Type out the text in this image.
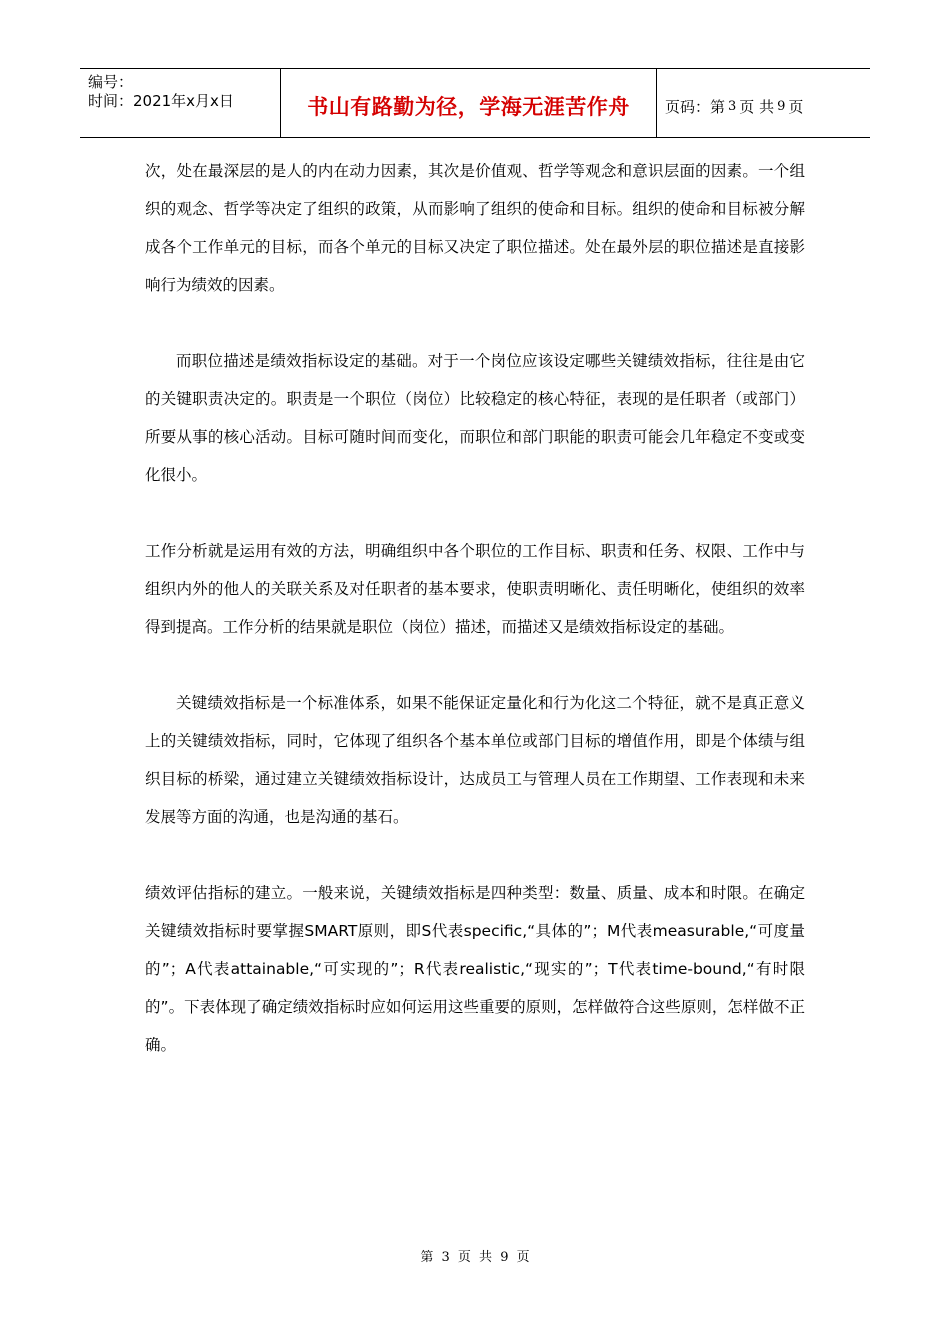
编号：
时间：2021年x月x日	书山有路勤为径，学海无涯苦作舟 页码：第 3 页 共 9 页

次，处在最深层的是人的内在动力因素，其次是价值观、哲学等观念和意识层面的因素。一个组织的观念、哲学等决定了组织的政策，从而影响了组织的使命和目标。组织的使命和目标被分解成各个工作单元的目标，而各个单元的目标又决定了职位描述。处在最外层的职位描述是直接影响行为绩效的因素。

而职位描述是绩效指标设定的基础。对于一个岗位应该设定哪些关键绩效指标，往往是由它的关键职责决定的。职责是一个职位（岗位）比较稳定的核心特征，表现的是任职者（或部门）所要从事的核心活动。目标可随时间而变化，而职位和部门职能的职责可能会几年稳定不变或变化很小。

工作分析就是运用有效的方法，明确组织中各个职位的工作目标、职责和任务、权限、工作中与组织内外的他人的关联关系及对任职者的基本要求，使职责明晰化、责任明晰化，使组织的效率得到提高。工作分析的结果就是职位（岗位）描述，而描述又是绩效指标设定的基础。

关键绩效指标是一个标准体系，如果不能保证定量化和行为化这二个特征，就不是真正意义上的关键绩效指标，同时，它体现了组织各个基本单位或部门目标的增值作用，即是个体绩与组织目标的桥梁，通过建立关键绩效指标设计，达成员工与管理人员在工作期望、工作表现和未来发展等方面的沟通，也是沟通的基石。

绩效评估指标的建立。一般来说，关键绩效指标是四种类型：数量、质量、成本和时限。在确定关键绩效指标时要掌握SMART原则，即S代表specific,“具体的”；M代表measurable,“可度量的”；A代表attainable,“可实现的”；R代表realistic,“现实的”；T代表time-bound,“有时限的”。下表体现了确定绩效指标时应如何运用这些重要的原则，怎样做符合这些原则，怎样做不正确。

第 3 页 共 9 页
